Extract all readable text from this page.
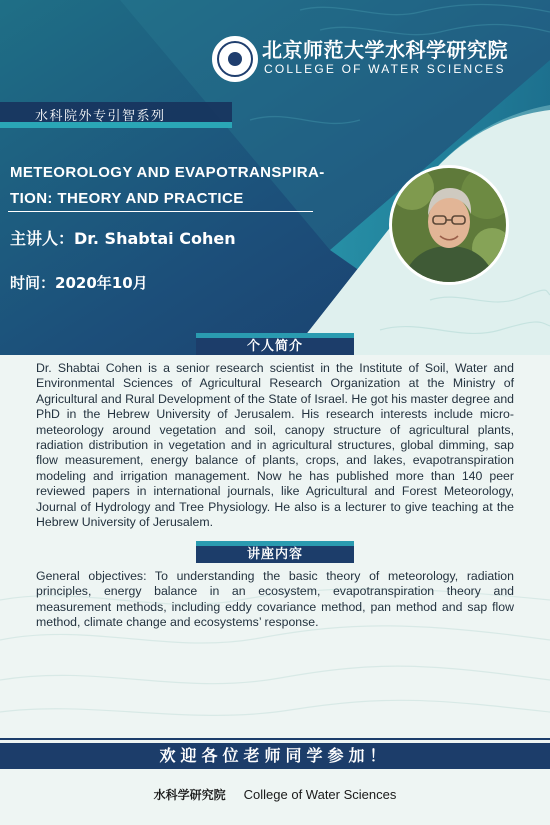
北京师范大学水科学研究院
COLLEGE OF WATER SCIENCES
水科院外专引智系列

METEOROLOGY AND EVAPOTRANSPIRA-TION: THEORY AND PRACTICE

主讲人：Dr. Shabtai Cohen
时间：2020年10月
个人简介

Dr. Shabtai Cohen is a senior research scientist in the Institute of Soil, Water and Environmental Sciences of Agricultural Research Organization at the Ministry of Agricultural and Rural Development of the State of Israel. He got his master degree and PhD in the Hebrew University of Jerusalem. His research interests include micro-meteorology around vegetation and soil, canopy structure of agricultural plants, radiation distribution in vegetation and in agricultural structures, global dimming, sap flow measurement, energy balance of plants, crops, and lakes, evapotranspiration modeling and irrigation management. Now he has published more than 140 peer reviewed papers in international journals, like Agricultural and Forest Meteorology, Journal of Hydrology and Tree Physiology. He also is a lecturer to give teaching at the Hebrew University of Jerusalem.

讲座内容

General objectives: To understanding the basic theory of meteorology, radiation principles, energy balance in an ecosystem, evapotranspiration theory and measurement methods, including eddy covariance method, pan method and sap flow method, climate change and ecosystems’ response.

欢迎各位老师同学参加！
水科学研究院 College of Water Sciences
